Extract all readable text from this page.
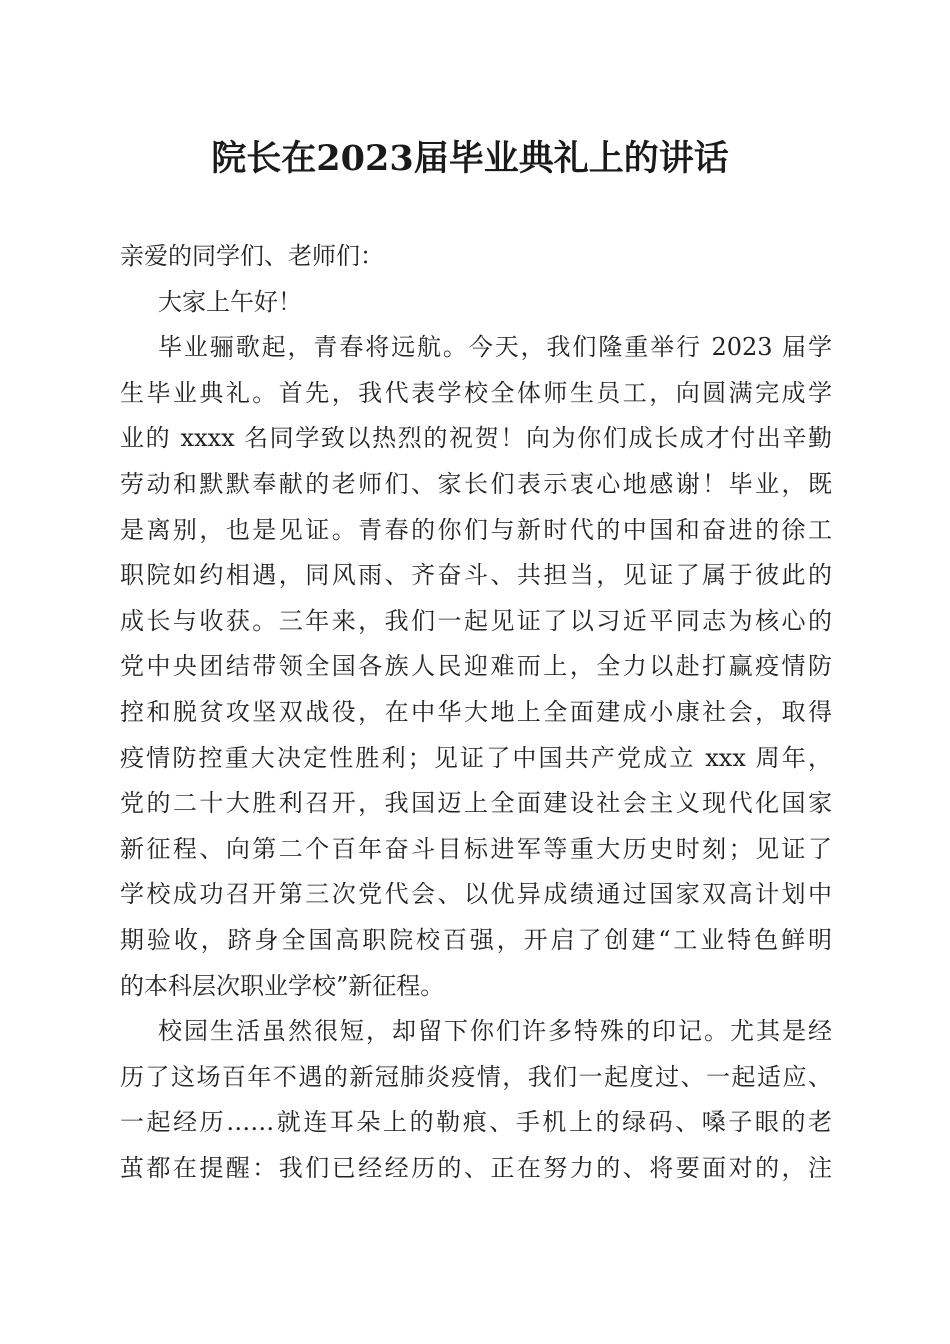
院长在2023届毕业典礼上的讲话
亲爱的同学们、老师们：
大家上午好！
毕业骊歌起，青春将远航。今天，我们隆重举行 2023 届学
生毕业典礼。首先，我代表学校全体师生员工，向圆满完成学
业的 xxxx 名同学致以热烈的祝贺！向为你们成长成才付出辛勤
劳动和默默奉献的老师们、家长们表示衷心地感谢！毕业，既
是离别，也是见证。青春的你们与新时代的中国和奋进的徐工
职院如约相遇，同风雨、齐奋斗、共担当，见证了属于彼此的
成长与收获。三年来，我们一起见证了以习近平同志为核心的
党中央团结带领全国各族人民迎难而上，全力以赴打赢疫情防
控和脱贫攻坚双战役，在中华大地上全面建成小康社会，取得
疫情防控重大决定性胜利；见证了中国共产党成立 xxx 周年，
党的二十大胜利召开，我国迈上全面建设社会主义现代化国家
新征程、向第二个百年奋斗目标进军等重大历史时刻；见证了
学校成功召开第三次党代会、以优异成绩通过国家双高计划中
期验收，跻身全国高职院校百强，开启了创建“工业特色鲜明
的本科层次职业学校”新征程。
校园生活虽然很短，却留下你们许多特殊的印记。尤其是经
历了这场百年不遇的新冠肺炎疫情，我们一起度过、一起适应、
一起经历……就连耳朵上的勒痕、手机上的绿码、嗓子眼的老
茧都在提醒：我们已经经历的、正在努力的、将要面对的，注
